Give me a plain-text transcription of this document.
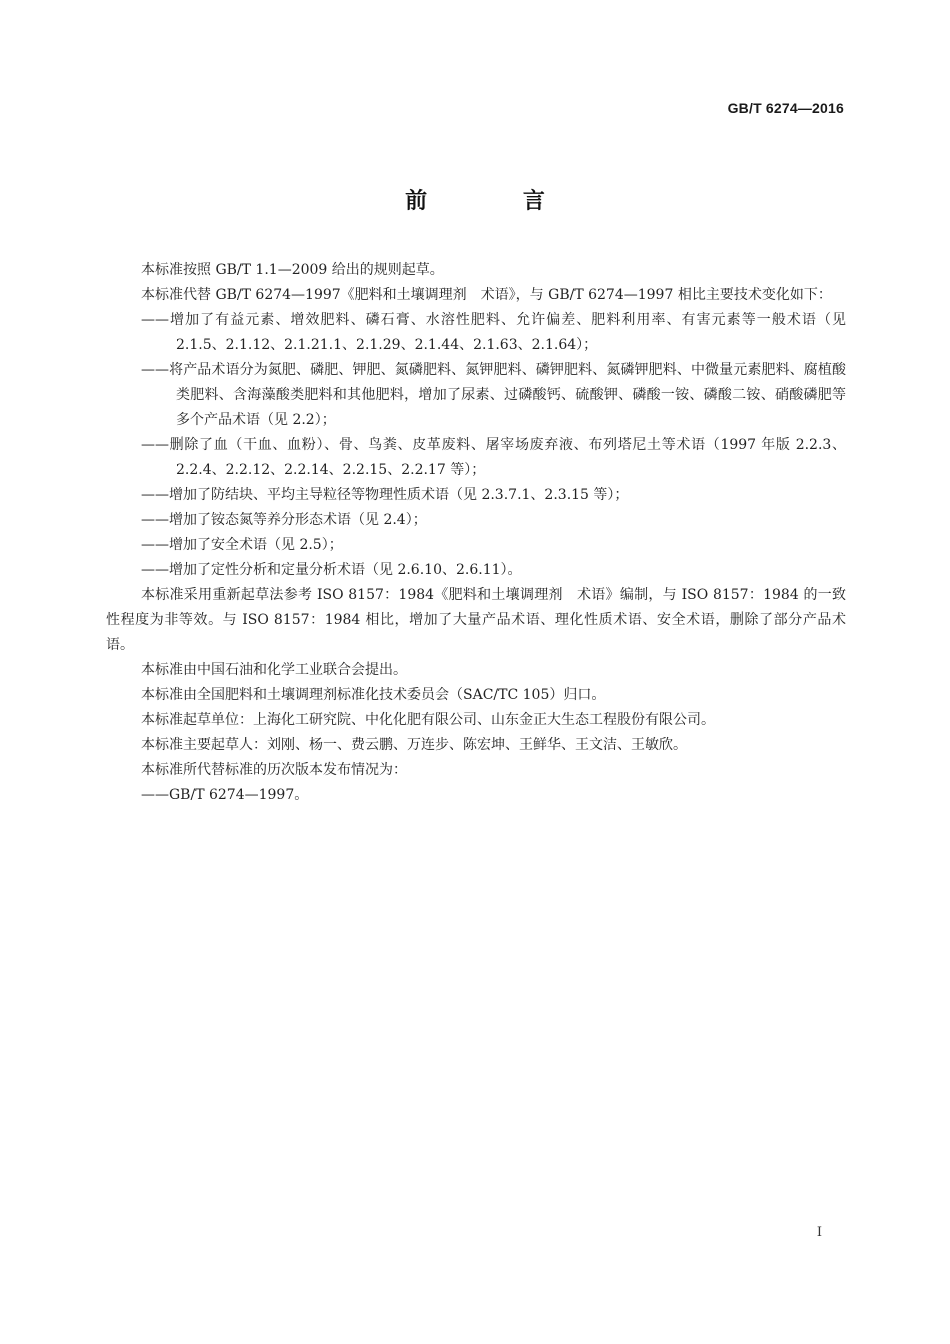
GB/T 6274—2016
前 言

本标准按照 GB/T 1.1—2009 给出的规则起草。

本标准代替 GB/T 6274—1997《肥料和土壤调理剂　术语》，与 GB/T 6274—1997 相比主要技术变化如下：

——增加了有益元素、增效肥料、磷石膏、水溶性肥料、允许偏差、肥料利用率、有害元素等一般术语（见 2.1.5、2.1.12、2.1.21.1、2.1.29、2.1.44、2.1.63、2.1.64）；

——将产品术语分为氮肥、磷肥、钾肥、氮磷肥料、氮钾肥料、磷钾肥料、氮磷钾肥料、中微量元素肥料、腐植酸类肥料、含海藻酸类肥料和其他肥料，增加了尿素、过磷酸钙、硫酸钾、磷酸一铵、磷酸二铵、硝酸磷肥等多个产品术语（见 2.2）；

——删除了血（干血、血粉）、骨、鸟粪、皮革废料、屠宰场废弃液、布列塔尼土等术语（1997 年版 2.2.3、2.2.4、2.2.12、2.2.14、2.2.15、2.2.17 等）；

——增加了防结块、平均主导粒径等物理性质术语（见 2.3.7.1、2.3.15 等）；

——增加了铵态氮等养分形态术语（见 2.4）；

——增加了安全术语（见 2.5）；

——增加了定性分析和定量分析术语（见 2.6.10、2.6.11）。

本标准采用重新起草法参考 ISO 8157：1984《肥料和土壤调理剂　术语》编制，与 ISO 8157：1984 的一致性程度为非等效。与 ISO 8157：1984 相比，增加了大量产品术语、理化性质术语、安全术语，删除了部分产品术语。

本标准由中国石油和化学工业联合会提出。

本标准由全国肥料和土壤调理剂标准化技术委员会（SAC/TC 105）归口。

本标准起草单位：上海化工研究院、中化化肥有限公司、山东金正大生态工程股份有限公司。

本标准主要起草人：刘刚、杨一、费云鹏、万连步、陈宏坤、王鲜华、王文洁、王敏欣。

本标准所代替标准的历次版本发布情况为：

——GB/T 6274—1997。

I
